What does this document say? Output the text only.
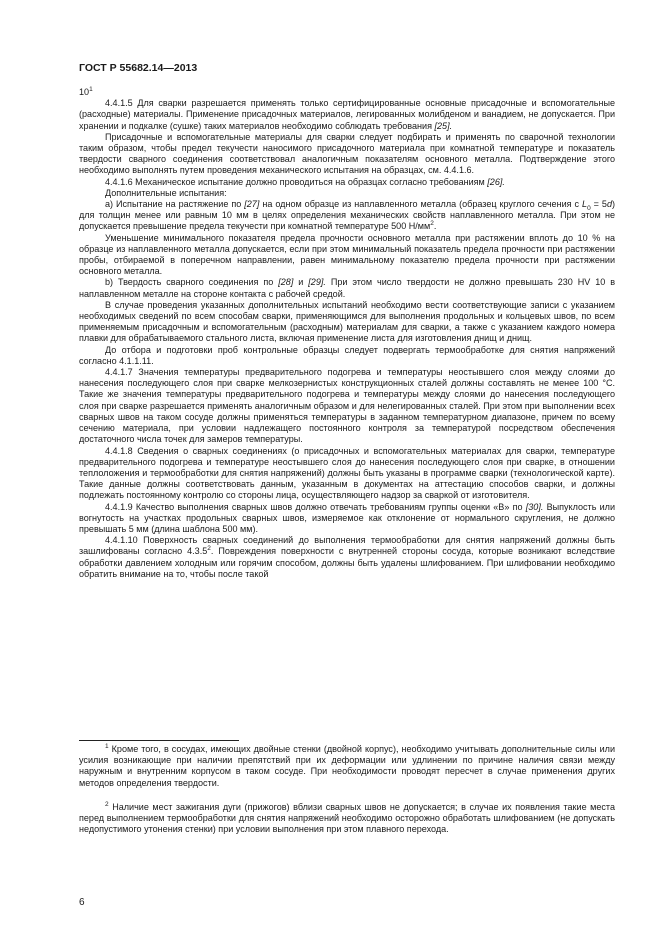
ГОСТ Р 55682.14—2013

$10^1$

4.4.1.5 Для сварки разрешается применять только сертифицированные основные присадочные и вспомогательные (расходные) материалы. Применение присадочных материалов, легированных молибденом и ванадием, не допускается. При хранении и подкалке (сушке) таких материалов необходимо соблюдать требования [25].

Присадочные и вспомогательные материалы для сварки следует подбирать и применять по сварочной технологии таким образом, чтобы предел текучести наносимого присадочного материала при комнатной температуре и показатель твердости сварного соединения соответствовал аналогичным показателям основного металла. Подтверждение этого необходимо выполнять путем проведения механического испытания на образцах, см. 4.4.1.6.

4.4.1.6 Механическое испытание должно проводиться на образцах согласно требованиям [26].

Дополнительные испытания:

а) Испытание на растяжение по [27] на одном образце из наплавленного металла (образец круглого сечения с $L_0 = 5d$) для толщин менее или равным 10 мм в целях определения механических свойств наплавленного металла. При этом не допускается превышение предела текучести при комнатной температуре 500 $Н/мм^2$.

Уменьшение минимального показателя предела прочности основного металла при растяжении вплоть до 10 % на образце из наплавленного металла допускается, если при этом минимальный показатель предела прочности при растяжении пробы, отбираемой в поперечном направлении, равен минимальному показателю предела прочности при растяжении основного металла.

b) Твердость сварного соединения по [28] и [29]. При этом число твердости не должно превышать 230 HV 10 в наплавленном металле на стороне контакта с рабочей средой.

В случае проведения указанных дополнительных испытаний необходимо вести соответствующие записи с указанием необходимых сведений по всем способам сварки, применяющимся для выполнения продольных и кольцевых швов, по всем применяемым присадочным и вспомогательным (расходным) материалам для сварки, а также с указанием каждого номера плавки для обрабатываемого стального листа, включая применение листа для изготовления днищ и днищ.

До отбора и подготовки проб контрольные образцы следует подвергать термообработке для снятия напряжений согласно 4.1.1.11.

4.4.1.7 Значения температуры предварительного подогрева и температуры неостывшего слоя между слоями до нанесения последующего слоя при сварке мелкозернистых конструкционных сталей должны составлять не менее 100 °С. Такие же значения температуры предварительного подогрева и температуры между слоями до нанесения последующего слоя при сварке разрешается применять аналогичным образом и для нелегированных сталей. При этом при выполнении всех сварных швов на таком сосуде должны применяться температуры в заданном температурном диапазоне, причем по всему сечению материала, при условии надлежащего постоянного контроля за температурой посредством обеспечения достаточного числа точек для замеров температуры.

4.4.1.8 Сведения о сварных соединениях (о присадочных и вспомогательных материалах для сварки, температуре предварительного подогрева и температуре неостывшего слоя до нанесения последующего слоя при сварке, в отношении теплоложения и термообработки для снятия напряжений) должны быть указаны в программе сварки (технологической карте). Такие данные должны соответствовать данным, указанным в документах на аттестацию способов сварки, и должны подлежать постоянному контролю со стороны лица, осуществляющего надзор за сваркой от изготовителя.

4.4.1.9 Качество выполнения сварных швов должно отвечать требованиям группы оценки «В» по [30]. Выпуклость или вогнутость на участках продольных сварных швов, измеряемое как отклонение от нормального скругления, не должно превышать 5 мм (длина шаблона 500 мм).

4.4.1.10 Поверхность сварных соединений до выполнения термообработки для снятия напряжений должны быть зашлифованы согласно 4.3.5$^2$. Повреждения поверхности с внутренней стороны сосуда, которые возникают вследствие обработки давлением холодным или горячим способом, должны быть удалены шлифованием. При шлифовании необходимо обратить внимание на то, чтобы после такой

$^1$ Кроме того, в сосудах, имеющих двойные стенки (двойной корпус), необходимо учитывать дополнительные силы или усилия возникающие при наличии препятствий при их деформации или удлинении по причине наличия связи между наружным и внутренним корпусом в таком сосуде. При необходимости проводят пересчет в случае применения других методов определения твердости.

$^2$ Наличие мест зажигания дуги (прижогов) вблизи сварных швов не допускается; в случае их появления такие места перед выполнением термообработки для снятия напряжений необходимо осторожно обработать шлифованием (не допускать недопустимого утонения стенки) при условии выполнения при этом плавного перехода.

6
